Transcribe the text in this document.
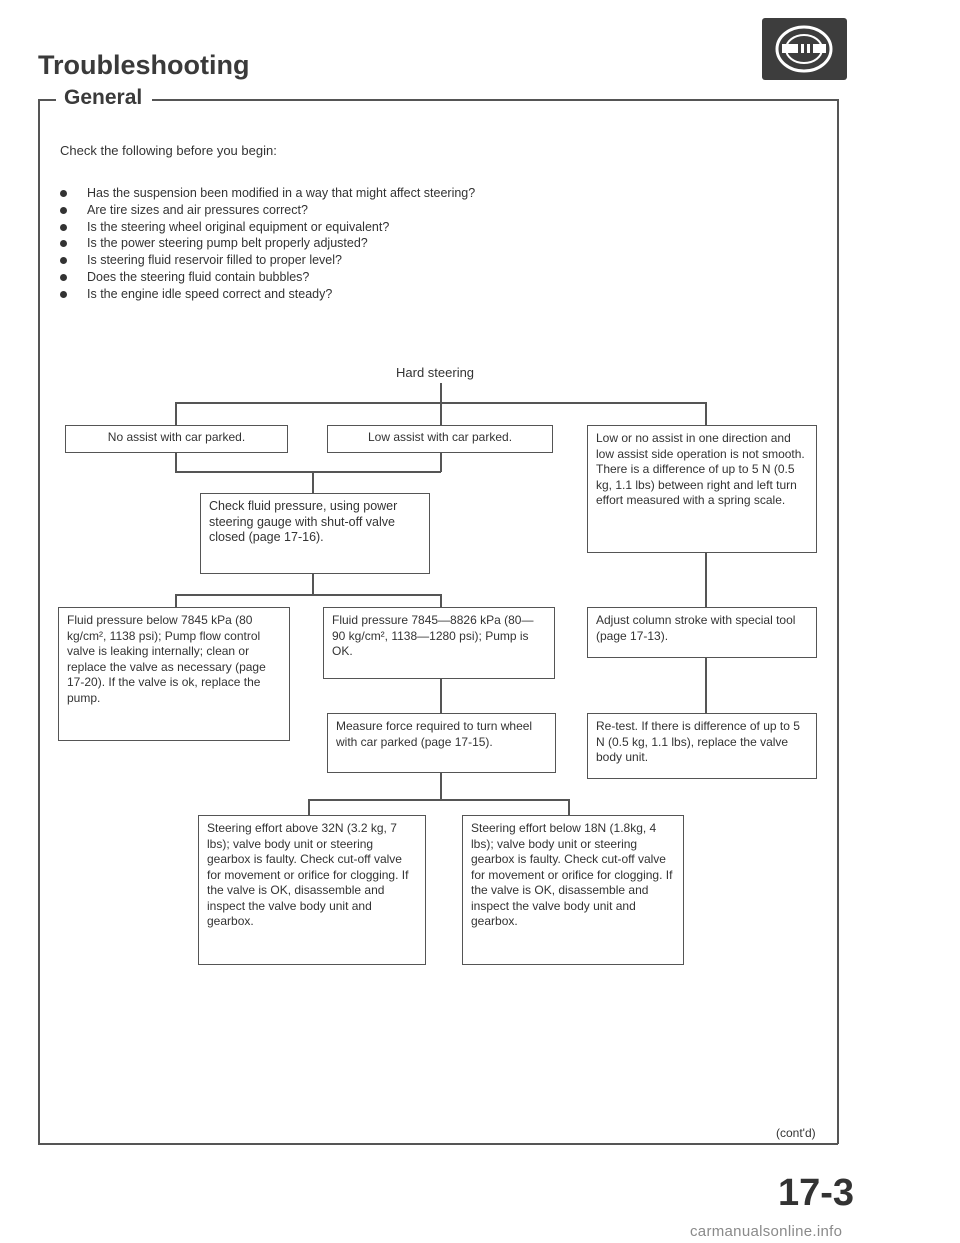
Troubleshooting
General
Check the following before you begin:
Has the suspension been modified in a way that might affect steering?
Are tire sizes and air pressures correct?
Is the steering wheel original equipment or equivalent?
Is the power steering pump belt properly adjusted?
Is steering fluid reservoir filled to proper level?
Does the steering fluid contain bubbles?
Is the engine idle speed correct and steady?
Hard steering
No assist with car parked.	Low assist with car parked.	Low or no assist in one direction and low assist side operation is not smooth. There is a difference of up to 5 N (0.5 kg, 1.1 lbs) between right and left turn effort measured with a spring scale.
Check fluid pressure, using power steering gauge with shut-off valve closed (page 17-16).
Fluid pressure below 7845 kPa (80 kg/cm², 1138 psi); Pump flow control valve is leaking internally; clean or replace the valve as necessary (page 17-20). If the valve is ok, replace the pump.
Fluid pressure 7845—8826 kPa (80—90 kg/cm², 1138—1280 psi); Pump is OK.
Adjust column stroke with special tool (page 17-13).
Measure force required to turn wheel with car parked (page 17-15).
Re-test. If there is difference of up to 5 N (0.5 kg, 1.1 lbs), replace the valve body unit.
Steering effort above 32N (3.2 kg, 7 lbs); valve body unit or steering gearbox is faulty. Check cut-off valve for movement or orifice for clogging. If the valve is OK, disassemble and inspect the valve body unit and gearbox.
Steering effort below 18N (1.8kg, 4 lbs); valve body unit or steering gearbox is faulty. Check cut-off valve for movement or orifice for clogging. If the valve is OK, disassemble and inspect the valve body unit and gearbox.
(cont'd)
17-3
carmanualsonline.info
